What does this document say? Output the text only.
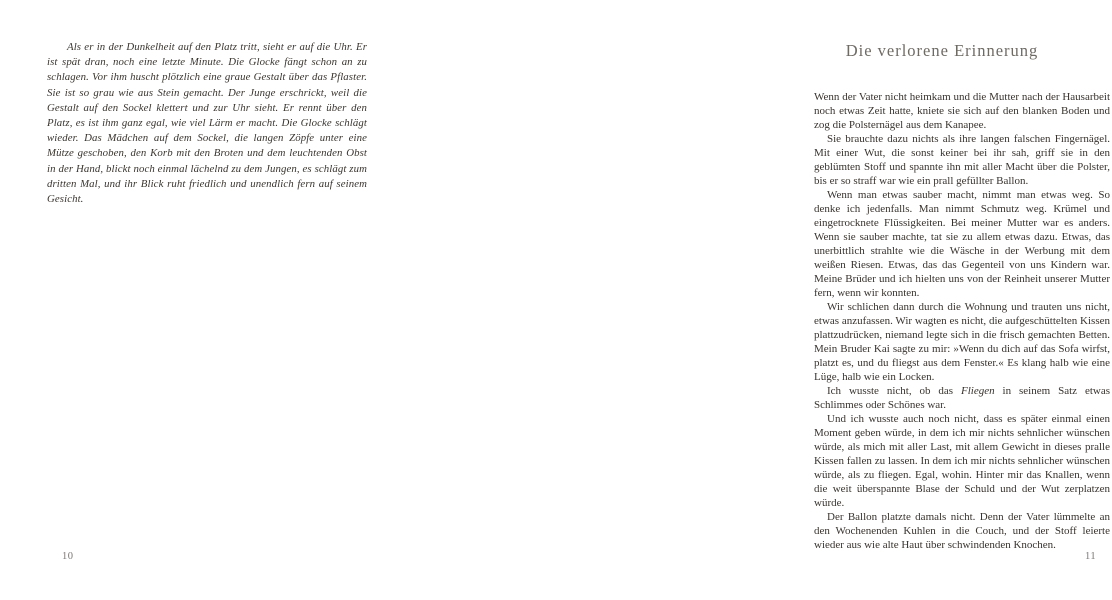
Als er in der Dunkelheit auf den Platz tritt, sieht er auf die Uhr. Er ist spät dran, noch eine letzte Minute. Die Glocke fängt schon an zu schlagen. Vor ihm huscht plötzlich eine graue Gestalt über das Pflaster. Sie ist so grau wie aus Stein gemacht. Der Junge erschrickt, weil die Gestalt auf den Sockel klettert und zur Uhr sieht. Er rennt über den Platz, es ist ihm ganz egal, wie viel Lärm er macht. Die Glocke schlägt wieder. Das Mädchen auf dem Sockel, die langen Zöpfe unter eine Mütze geschoben, den Korb mit den Broten und dem leuchtenden Obst in der Hand, blickt noch einmal lächelnd zu dem Jungen, es schlägt zum dritten Mal, und ihr Blick ruht friedlich und unendlich fern auf seinem Gesicht.

10
Die verlorene Erinnerung

Wenn der Vater nicht heimkam und die Mutter nach der Hausarbeit noch etwas Zeit hatte, kniete sie sich auf den blanken Boden und zog die Polsternägel aus dem Kanapee.

Sie brauchte dazu nichts als ihre langen falschen Fingernägel. Mit einer Wut, die sonst keiner bei ihr sah, griff sie in den geblümten Stoff und spannte ihn mit aller Macht über die Polster, bis er so straff war wie ein prall gefüllter Ballon.

Wenn man etwas sauber macht, nimmt man etwas weg. So denke ich jedenfalls. Man nimmt Schmutz weg. Krümel und eingetrocknete Flüssigkeiten. Bei meiner Mutter war es anders. Wenn sie sauber machte, tat sie zu allem etwas dazu. Etwas, das unerbittlich strahlte wie die Wäsche in der Werbung mit dem weißen Riesen. Etwas, das das Gegenteil von uns Kindern war. Meine Brüder und ich hielten uns von der Reinheit unserer Mutter fern, wenn wir konnten.

Wir schlichen dann durch die Wohnung und trauten uns nicht, etwas anzufassen. Wir wagten es nicht, die aufgeschüttelten Kissen plattzudrücken, niemand legte sich in die frisch gemachten Betten. Mein Bruder Kai sagte zu mir: »Wenn du dich auf das Sofa wirfst, platzt es, und du fliegst aus dem Fenster.« Es klang halb wie eine Lüge, halb wie ein Locken.

Ich wusste nicht, ob das Fliegen in seinem Satz etwas Schlimmes oder Schönes war.

Und ich wusste auch noch nicht, dass es später einmal einen Moment geben würde, in dem ich mir nichts sehnlicher wünschen würde, als mich mit aller Last, mit allem Gewicht in dieses pralle Kissen fallen zu lassen. In dem ich mir nichts sehnlicher wünschen würde, als zu fliegen. Egal, wohin. Hinter mir das Knallen, wenn die weit überspannte Blase der Schuld und der Wut zerplatzen würde.

Der Ballon platzte damals nicht. Denn der Vater lümmelte an den Wochenenden Kuhlen in die Couch, und der Stoff leierte wieder aus wie alte Haut über schwindenden Knochen.

11
